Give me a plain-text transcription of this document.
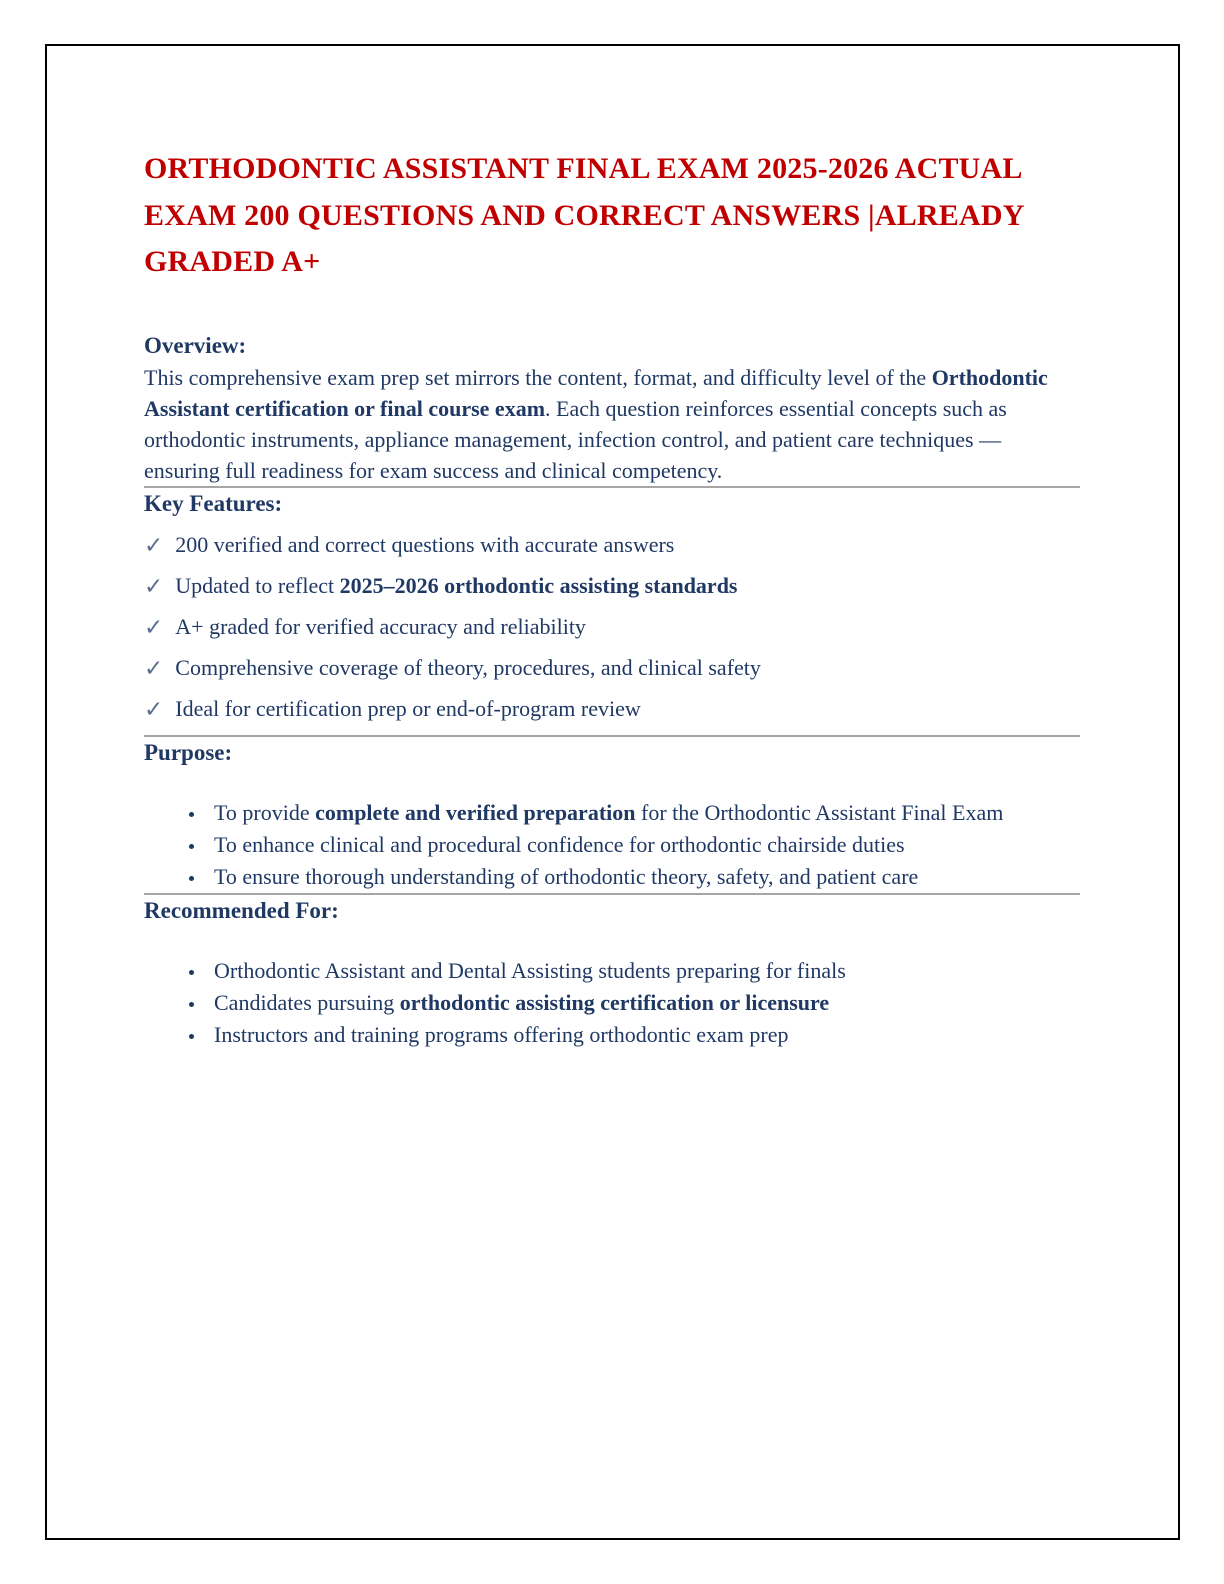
ORTHODONTIC ASSISTANT FINAL EXAM 2025-2026 ACTUAL EXAM 200 QUESTIONS AND CORRECT ANSWERS |ALREADY GRADED A+
Overview:

This comprehensive exam prep set mirrors the content, format, and difficulty level of the Orthodontic Assistant certification or final course exam. Each question reinforces essential concepts such as orthodontic instruments, appliance management, infection control, and patient care techniques — ensuring full readiness for exam success and clinical competency.

Key Features:

✓ 200 verified and correct questions with accurate answers

✓ Updated to reflect 2025–2026 orthodontic assisting standards

✓ A+ graded for verified accuracy and reliability

✓ Comprehensive coverage of theory, procedures, and clinical safety

✓ Ideal for certification prep or end-of-program review

Purpose:
• To provide complete and verified preparation for the Orthodontic Assistant Final Exam
• To enhance clinical and procedural confidence for orthodontic chairside duties
• To ensure thorough understanding of orthodontic theory, safety, and patient care
Recommended For:
• Orthodontic Assistant and Dental Assisting students preparing for finals
• Candidates pursuing orthodontic assisting certification or licensure
• Instructors and training programs offering orthodontic exam prep
